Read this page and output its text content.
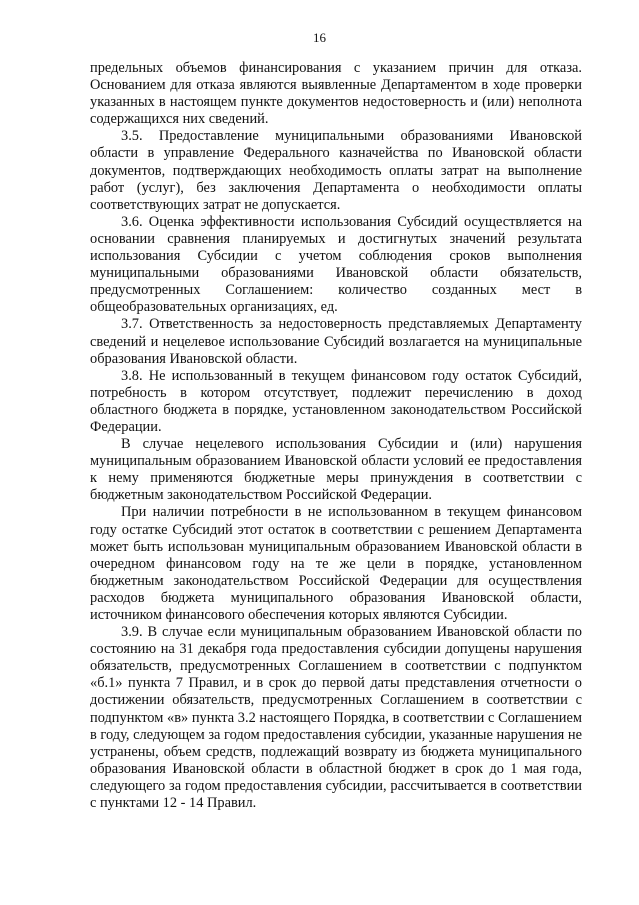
16

предельных объемов финансирования с указанием причин для отказа. Основанием для отказа являются выявленные Департаментом в ходе проверки указанных в настоящем пункте документов недостоверность и (или) неполнота содержащихся них сведений.

3.5. Предоставление муниципальными образованиями Ивановской области в управление Федерального казначейства по Ивановской области документов, подтверждающих необходимость оплаты затрат на выполнение работ (услуг), без заключения Департамента о необходимости оплаты соответствующих затрат не допускается.

3.6. Оценка эффективности использования Субсидий осуществляется на основании сравнения планируемых и достигнутых значений результата использования Субсидии с учетом соблюдения сроков выполнения муниципальными образованиями Ивановской области обязательств, предусмотренных Соглашением: количество созданных мест в общеобразовательных организациях, ед.

3.7. Ответственность за недостоверность представляемых Департаменту сведений и нецелевое использование Субсидий возлагается на муниципальные образования Ивановской области.

3.8. Не использованный в текущем финансовом году остаток Субсидий, потребность в котором отсутствует, подлежит перечислению в доход областного бюджета в порядке, установленном законодательством Российской Федерации.

В случае нецелевого использования Субсидии и (или) нарушения муниципальным образованием Ивановской области условий ее предоставления к нему применяются бюджетные меры принуждения в соответствии с бюджетным законодательством Российской Федерации.

При наличии потребности в не использованном в текущем финансовом году остатке Субсидий этот остаток в соответствии с решением Департамента может быть использован муниципальным образованием Ивановской области в очередном финансовом году на те же цели в порядке, установленном бюджетным законодательством Российской Федерации для осуществления расходов бюджета муниципального образования Ивановской области, источником финансового обеспечения которых являются Субсидии.

3.9. В случае если муниципальным образованием Ивановской области по состоянию на 31 декабря года предоставления субсидии допущены нарушения обязательств, предусмотренных Соглашением в соответствии с подпунктом «б.1» пункта 7 Правил, и в срок до первой даты представления отчетности о достижении обязательств, предусмотренных Соглашением в соответствии с подпунктом «в» пункта 3.2 настоящего Порядка, в соответствии с Соглашением в году, следующем за годом предоставления субсидии, указанные нарушения не устранены, объем средств, подлежащий возврату из бюджета муниципального образования Ивановской области в областной бюджет в срок до 1 мая года, следующего за годом предоставления субсидии, рассчитывается в соответствии с пунктами 12 - 14 Правил.
